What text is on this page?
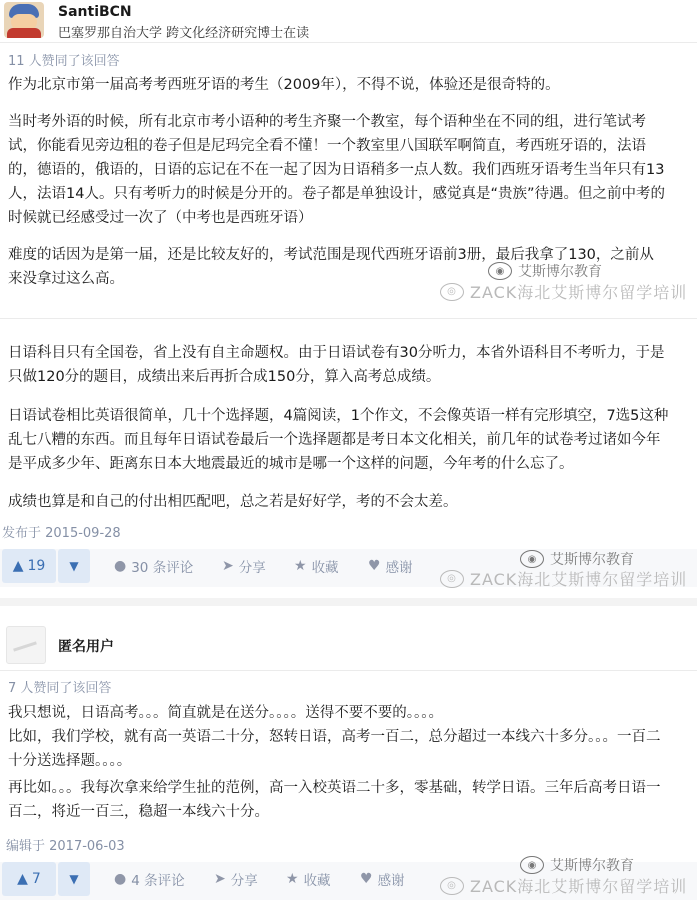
SantiBCN
巴塞罗那自治大学 跨文化经济研究博士在读
11 人赞同了该回答
作为北京市第一届高考考西班牙语的考生（2009年），不得不说，体验还是很奇特的。
当时考外语的时候，所有北京市考小语种的考生齐聚一个教室，每个语种坐在不同的组，进行笔试考试，你能看见旁边租的卷子但是尼玛完全看不懂！一个教室里八国联军啊简直，考西班牙语的，法语的，德语的，俄语的，日语的忘记在不在一起了因为日语稍多一点人数。我们西班牙语考生当年只有13人，法语14人。只有考听力的时候是分开的。卷子都是单独设计，感觉真是“贵族”待遇。但之前中考的时候就已经感受过一次了（中考也是西班牙语）
难度的话因为是第一届，还是比较友好的，考试范围是现代西班牙语前3册，最后我拿了130，之前从来没拿过这么高。	◉ 艾斯博尔教育
◎ ZACK海北艾斯博尔留学培训
日语科目只有全国卷，省上没有自主命题权。由于日语试卷有30分听力，本省外语科目不考听力，于是只做120分的题目，成绩出来后再折合成150分，算入高考总成绩。
日语试卷相比英语很简单，几十个选择题，4篇阅读，1个作文，不会像英语一样有完形填空，7选5这种乱七八糟的东西。而且每年日语试卷最后一个选择题都是考日本文化相关，前几年的试卷考过诸如今年是平成多少年、距离东日本大地震最近的城市是哪一个这样的问题，今年考的什么忘了。
成绩也算是和自己的付出相匹配吧，总之若是好好学，考的不会太差。
发布于 2015-09-28
▲ 19 ▼	● 30 条评论 ➤ 分享 ★ 收藏 ♥ 感谢
◉ 艾斯博尔教育
◎ ZACK海北艾斯博尔留学培训
匿名用户
7 人赞同了该回答
我只想说，日语高考。。。简直就是在送分。。。。送得不要不要的。。。。
比如，我们学校，就有高一英语二十分，怒转日语，高考一百二，总分超过一本线六十多分。。。一百二十分送选择题。。。。
再比如。。。我每次拿来给学生扯的范例，高一入校英语二十多，零基础，转学日语。三年后高考日语一百二，将近一百三，稳超一本线六十分。
编辑于 2017-06-03
▲ 7 ▼	● 4 条评论 ➤ 分享 ★ 收藏 ♥ 感谢
◉ 艾斯博尔教育
◎ ZACK海北艾斯博尔留学培训
